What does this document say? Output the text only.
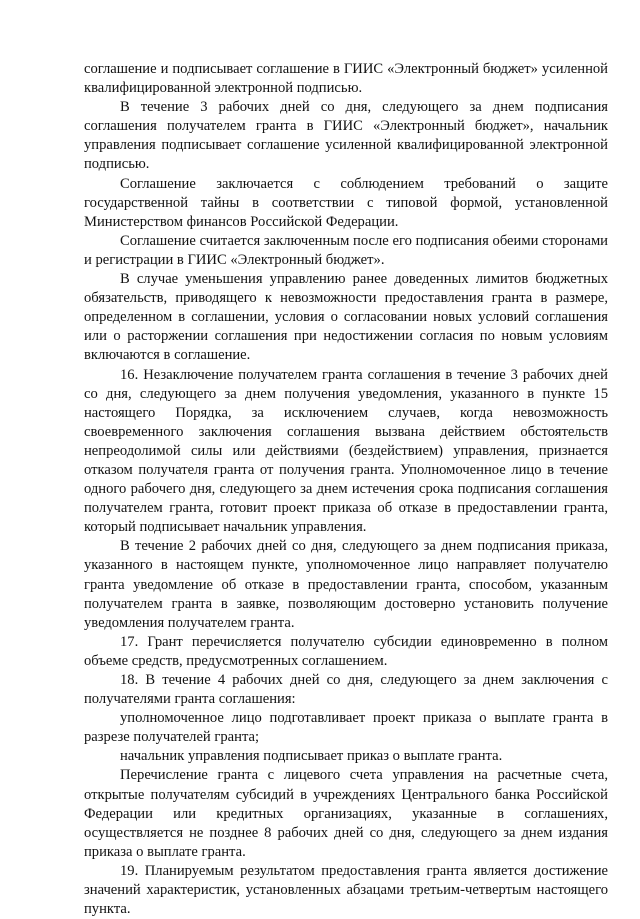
соглашение и подписывает соглашение в ГИИС «Электронный бюджет» усиленной квалифицированной электронной подписью.

В течение 3 рабочих дней со дня, следующего за днем подписания соглашения получателем гранта в ГИИС «Электронный бюджет», начальник управления подписывает соглашение усиленной квалифицированной электронной подписью.

Соглашение заключается с соблюдением требований о защите государственной тайны в соответствии с типовой формой, установленной Министерством финансов Российской Федерации.

Соглашение считается заключенным после его подписания обеими сторонами и регистрации в ГИИС «Электронный бюджет».

В случае уменьшения управлению ранее доведенных лимитов бюджетных обязательств, приводящего к невозможности предоставления гранта в размере, определенном в соглашении, условия о согласовании новых условий соглашения или о расторжении соглашения при недостижении согласия по новым условиям включаются в соглашение.

16. Незаключение получателем гранта соглашения в течение 3 рабочих дней со дня, следующего за днем получения уведомления, указанного в пункте 15 настоящего Порядка, за исключением случаев, когда невозможность своевременного заключения соглашения вызвана действием обстоятельств непреодолимой силы или действиями (бездействием) управления, признается отказом получателя гранта от получения гранта. Уполномоченное лицо в течение одного рабочего дня, следующего за днем истечения срока подписания соглашения получателем гранта, готовит проект приказа об отказе в предоставлении гранта, который подписывает начальник управления.

В течение 2 рабочих дней со дня, следующего за днем подписания приказа, указанного в настоящем пункте, уполномоченное лицо направляет получателю гранта уведомление об отказе в предоставлении гранта, способом, указанным получателем гранта в заявке, позволяющим достоверно установить получение уведомления получателем гранта.

17. Грант перечисляется получателю субсидии единовременно в полном объеме средств, предусмотренных соглашением.

18. В течение 4 рабочих дней со дня, следующего за днем заключения с получателями гранта соглашения:

уполномоченное лицо подготавливает проект приказа о выплате гранта в разрезе получателей гранта;

начальник управления подписывает приказ о выплате гранта.

Перечисление гранта с лицевого счета управления на расчетные счета, открытые получателям субсидий в учреждениях Центрального банка Российской Федерации или кредитных организациях, указанные в соглашениях, осуществляется не позднее 8 рабочих дней со дня, следующего за днем издания приказа о выплате гранта.

19. Планируемым результатом предоставления гранта является достижение значений характеристик, установленных абзацами третьим-четвертым настоящего пункта.
